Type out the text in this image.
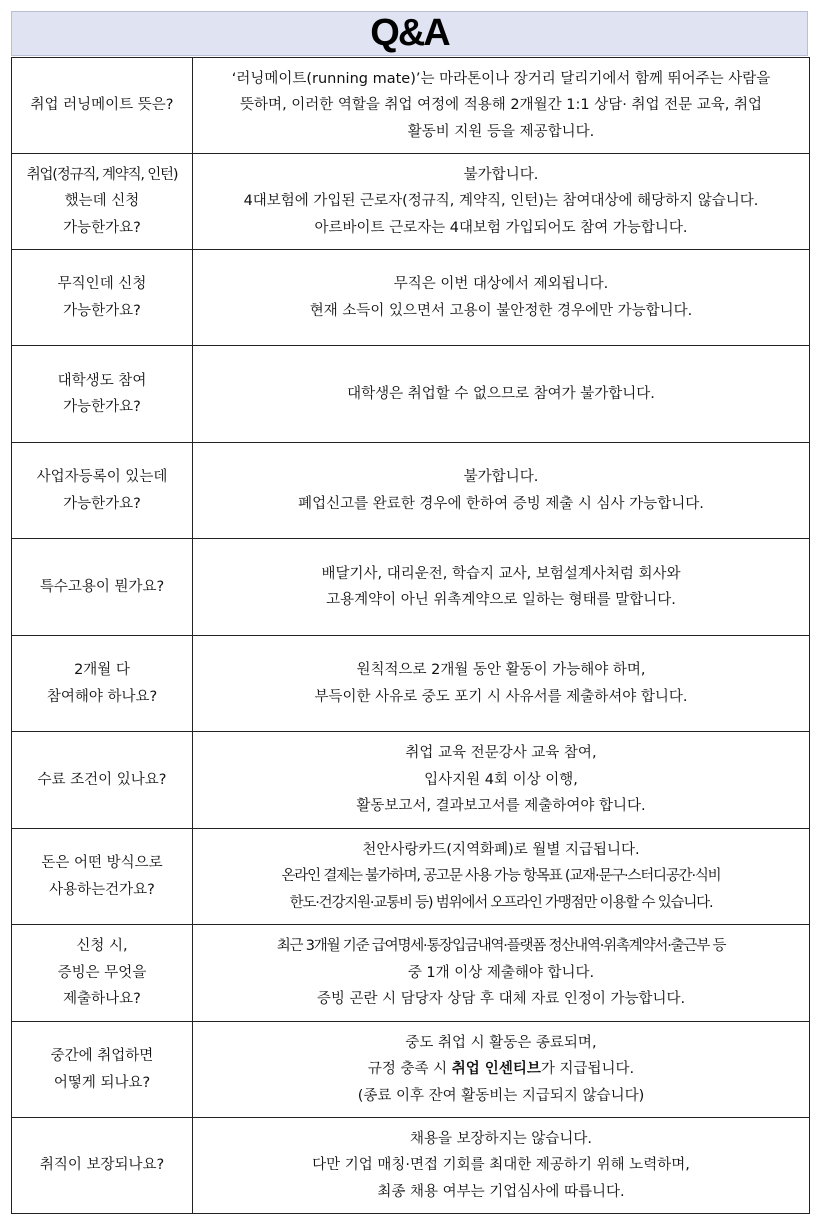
Q&A
취업 러닝메이트 뜻은?	‘러닝메이트(running mate)’는 마라톤이나 장거리 달리기에서 함께 뛰어주는 사람을
뜻하며, 이러한 역할을 취업 여정에 적용해 2개월간 1:1 상담· 취업 전문 교육, 취업
활동비 지원 등을 제공합니다.

취업(정규직, 계약직, 인턴)
했는데 신청
가능한가요?	불가합니다.
4대보험에 가입된 근로자(정규직, 계약직, 인턴)는 참여대상에 해당하지 않습니다.
아르바이트 근로자는 4대보험 가입되어도 참여 가능합니다.

무직인데 신청
가능한가요?	무직은 이번 대상에서 제외됩니다.
현재 소득이 있으면서 고용이 불안정한 경우에만 가능합니다.

대학생도 참여
가능한가요?	대학생은 취업할 수 없으므로 참여가 불가합니다.

사업자등록이 있는데
가능한가요?	불가합니다.
폐업신고를 완료한 경우에 한하여 증빙 제출 시 심사 가능합니다.

특수고용이 뭔가요?	배달기사, 대리운전, 학습지 교사, 보험설계사처럼 회사와
고용계약이 아닌 위촉계약으로 일하는 형태를 말합니다.

2개월 다
참여해야 하나요?	원칙적으로 2개월 동안 활동이 가능해야 하며,
부득이한 사유로 중도 포기 시 사유서를 제출하셔야 합니다.

수료 조건이 있나요?	취업 교육 전문강사 교육 참여,
입사지원 4회 이상 이행,
활동보고서, 결과보고서를 제출하여야 합니다.

돈은 어떤 방식으로
사용하는건가요?	천안사랑카드(지역화폐)로 월별 지급됩니다.
온라인 결제는 불가하며, 공고문 사용 가능 항목표 (교재·문구·스터디공간·식비
한도·건강지원·교통비 등) 범위에서 오프라인 가맹점만 이용할 수 있습니다.

신청 시,
증빙은 무엇을
제출하나요?	최근 3개월 기준 급여명세·통장입금내역·플랫폼 정산내역·위촉계약서·출근부 등
중 1개 이상 제출해야 합니다.
증빙 곤란 시 담당자 상담 후 대체 자료 인정이 가능합니다.

중간에 취업하면
어떻게 되나요?	중도 취업 시 활동은 종료되며,
규정 충족 시 취업 인센티브가 지급됩니다.
(종료 이후 잔여 활동비는 지급되지 않습니다)

취직이 보장되나요?	채용을 보장하지는 않습니다.
다만 기업 매칭·면접 기회를 최대한 제공하기 위해 노력하며,
최종 채용 여부는 기업심사에 따릅니다.
